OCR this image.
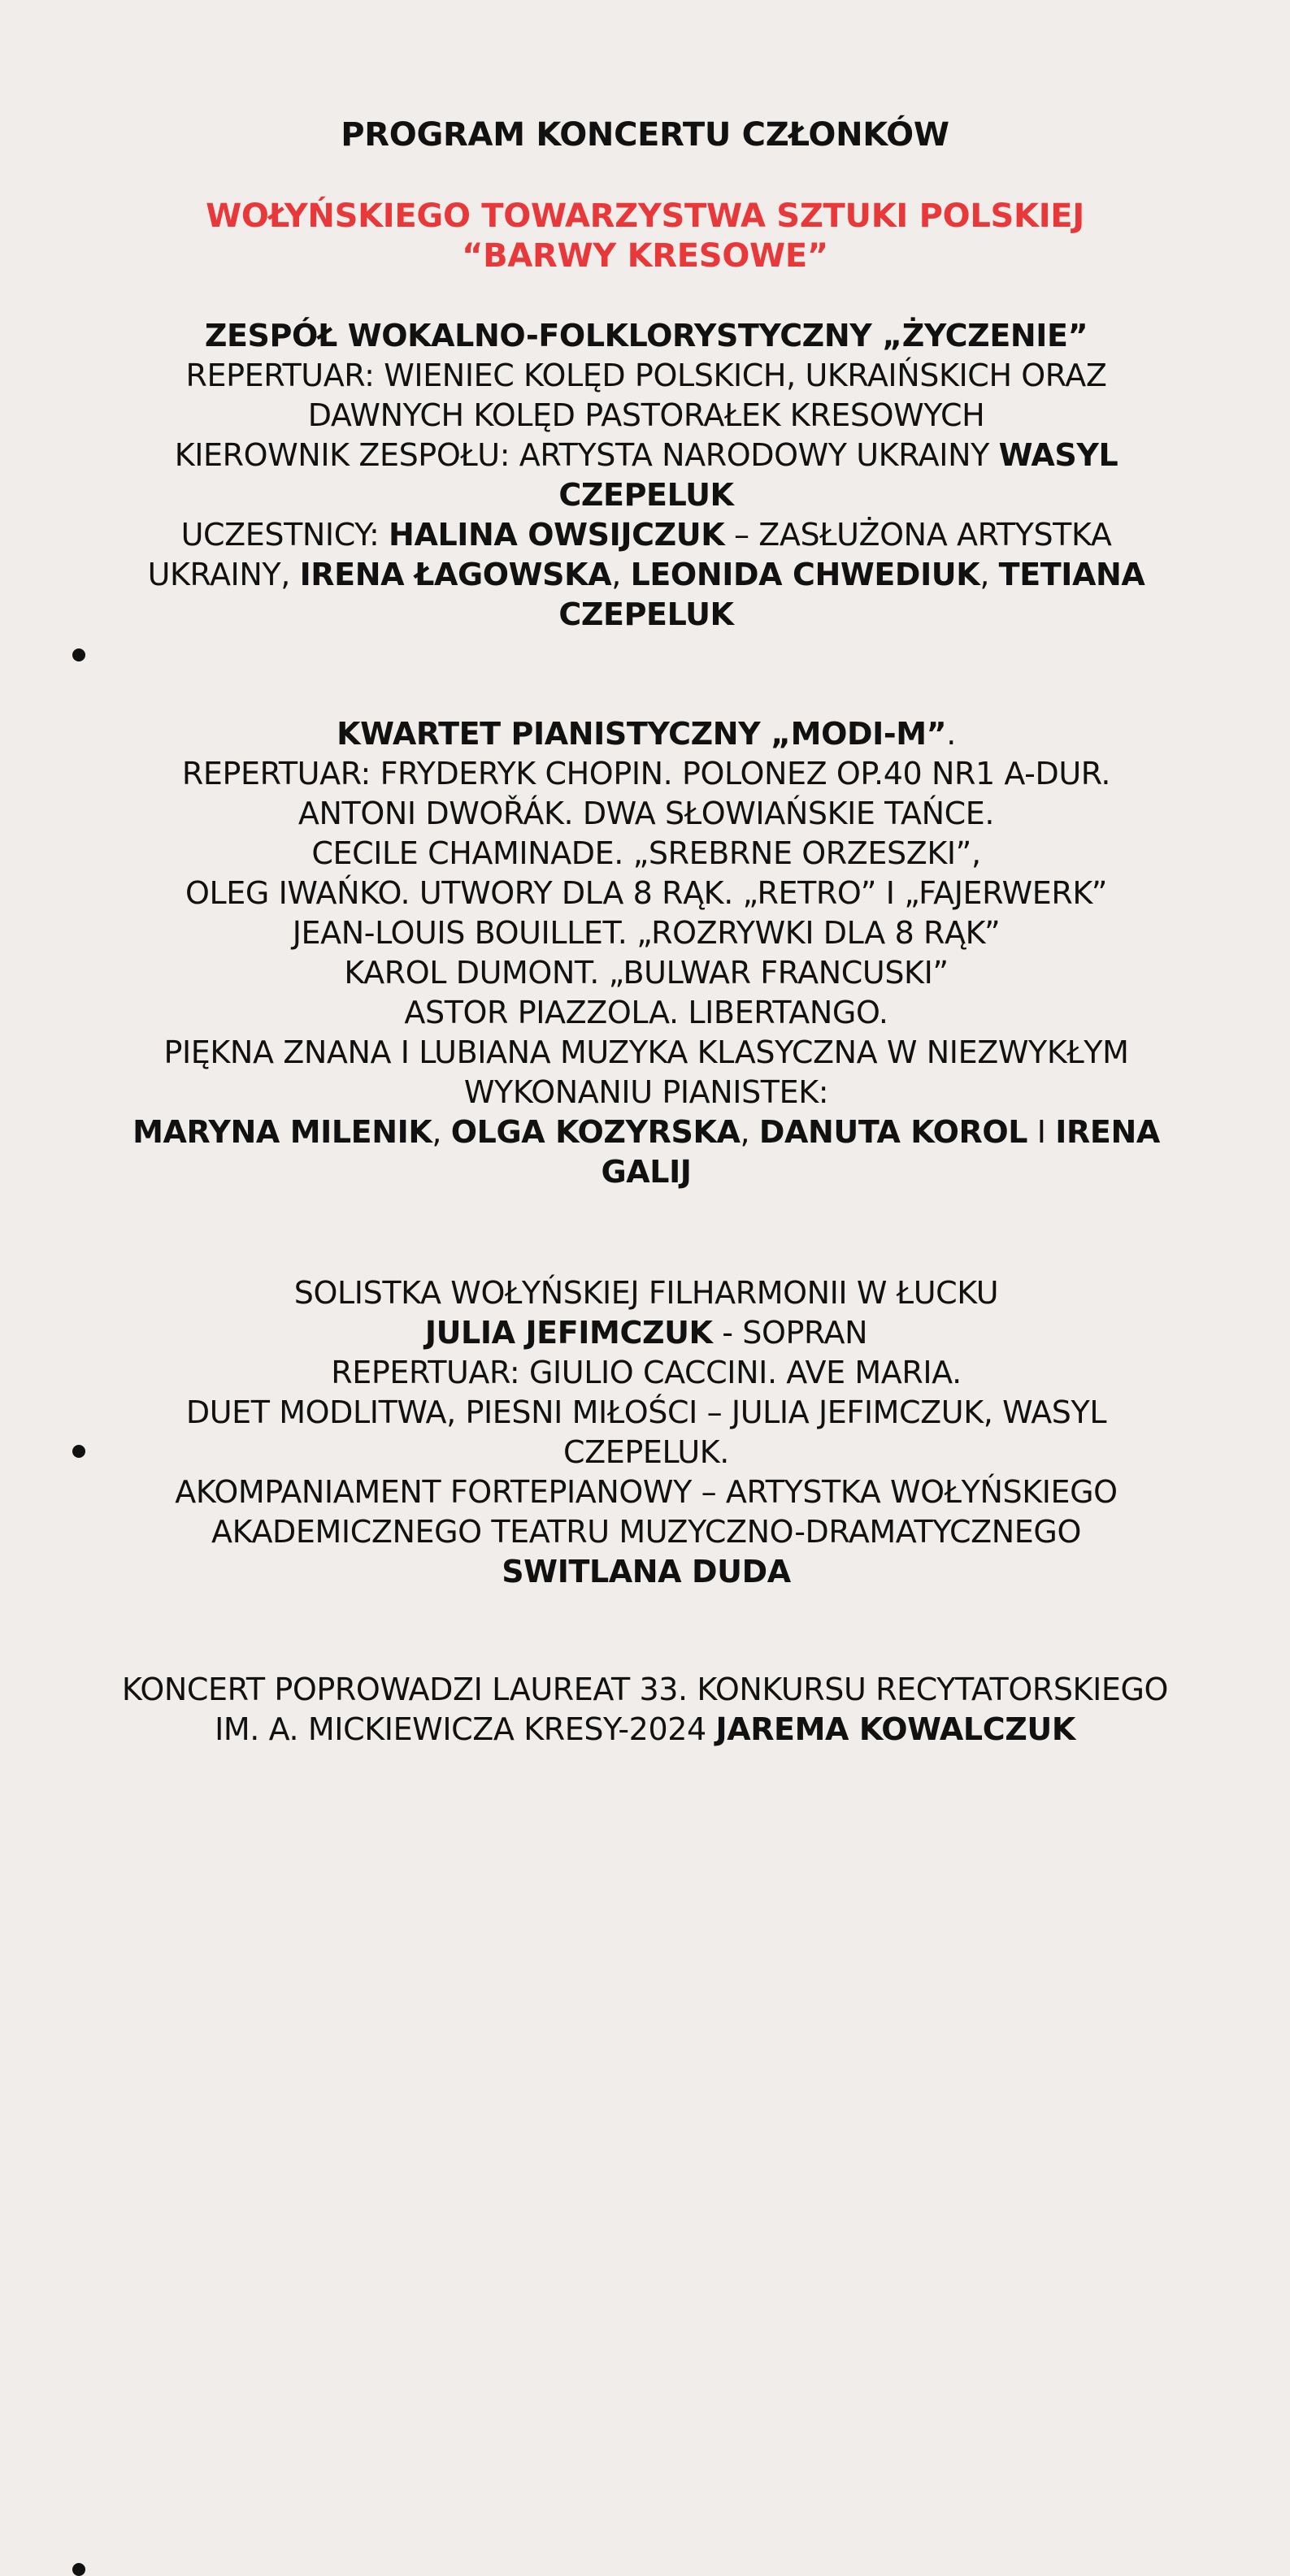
PROGRAM KONCERTU CZŁONKÓW

WOŁYŃSKIEGO TOWARZYSTWA SZTUKI POLSKIEJ
“BARWY KRESOWE”
ZESPÓŁ WOKALNO-FOLKLORYSTYCZNY „ŻYCZENIE”
REPERTUAR: WIENIEC KOLĘD POLSKICH, UKRAIŃSKICH ORAZ
DAWNYCH KOLĘD PASTORAŁEK KRESOWYCH
KIEROWNIK ZESPOŁU: ARTYSTA NARODOWY UKRAINY WASYL
CZEPELUK
UCZESTNICY: HALINA OWSIJCZUK – ZASŁUŻONA ARTYSTKA
UKRAINY, IRENA ŁAGOWSKA, LEONIDA CHWEDIUK, TETIANA
CZEPELUK
KWARTET PIANISTYCZNY „MODI-M”.
REPERTUAR: FRYDERYK CHOPIN. POLONEZ OP.40 NR1 A-DUR.
ANTONI DWOŘÁK. DWA SŁOWIAŃSKIE TAŃCE.
CECILE CHAMINADE. „SREBRNE ORZESZKI”,
OLEG IWAŃKO. UTWORY DLA 8 RĄK. „RETRO” I „FAJERWERK”
JEAN-LOUIS BOUILLET. „ROZRYWKI DLA 8 RĄK”
KAROL DUMONT. „BULWAR FRANCUSKI”
ASTOR PIAZZOLA. LIBERTANGO.
PIĘKNA ZNANA I LUBIANA MUZYKA KLASYCZNA W NIEZWYKŁYM
WYKONANIU PIANISTEK:
MARYNA MILENIK, OLGA KOZYRSKA, DANUTA KOROL I IRENA
GALIJ
SOLISTKA WOŁYŃSKIEJ FILHARMONII W ŁUCKU
JULIA JEFIMCZUK - SOPRAN
REPERTUAR: GIULIO CACCINI. AVE MARIA.
DUET MODLITWA, PIESNI MIŁOŚCI – JULIA JEFIMCZUK, WASYL
CZEPELUK.
AKOMPANIAMENT FORTEPIANOWY – ARTYSTKA WOŁYŃSKIEGO
AKADEMICZNEGO TEATRU MUZYCZNO-DRAMATYCZNEGO
SWITLANA DUDA
KONCERT POPROWADZI LAUREAT 33. KONKURSU RECYTATORSKIEGO
IM. A. MICKIEWICZA KRESY-2024 JAREMA KOWALCZUK
